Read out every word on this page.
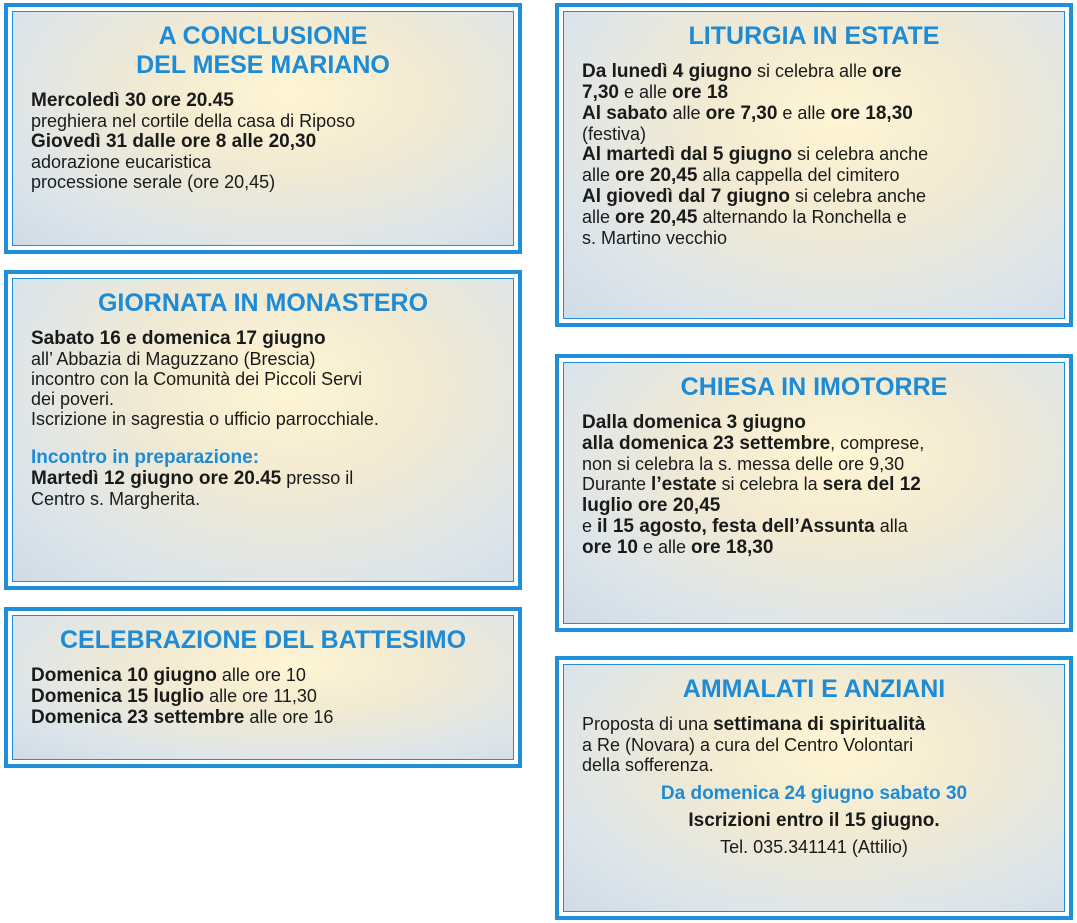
A CONCLUSIONE
DEL MESE MARIANO

Mercoledì 30 ore 20.45

preghiera nel cortile della casa di Riposo

Giovedì 31 dalle ore 8 alle 20,30

adorazione eucaristica

processione serale (ore 20,45)

GIORNATA IN MONASTERO

Sabato 16 e domenica 17 giugno

all’ Abbazia di Maguzzano (Brescia)

incontro con la Comunità dei Piccoli Servi

dei poveri.

Iscrizione in sagrestia o ufficio parrocchiale.

Incontro in preparazione:

Martedì 12 giugno ore 20.45 presso il

Centro s. Margherita.

CELEBRAZIONE DEL BATTESIMO

Domenica 10 giugno alle ore 10

Domenica 15 luglio alle ore 11,30

Domenica 23 settembre alle ore 16

LITURGIA IN ESTATE

Da lunedì 4 giugno si celebra alle ore

7,30 e alle ore 18

Al sabato alle ore 7,30 e alle ore 18,30

(festiva)

Al martedì dal 5 giugno si celebra anche

alle ore 20,45 alla cappella del cimitero

Al giovedì dal 7 giugno si celebra anche

alle ore 20,45 alternando la Ronchella e

s. Martino vecchio

CHIESA IN IMOTORRE

Dalla domenica 3 giugno

alla domenica 23 settembre, comprese,

non si celebra la s. messa delle ore 9,30

Durante l’estate si celebra la sera del 12

luglio ore 20,45

e il 15 agosto, festa dell’Assunta alla

ore 10 e alle ore 18,30

AMMALATI E ANZIANI

Proposta di una settimana di spiritualità

a Re (Novara) a cura del Centro Volontari

della sofferenza.

Da domenica 24 giugno sabato 30

Iscrizioni entro il 15 giugno.

Tel. 035.341141 (Attilio)
